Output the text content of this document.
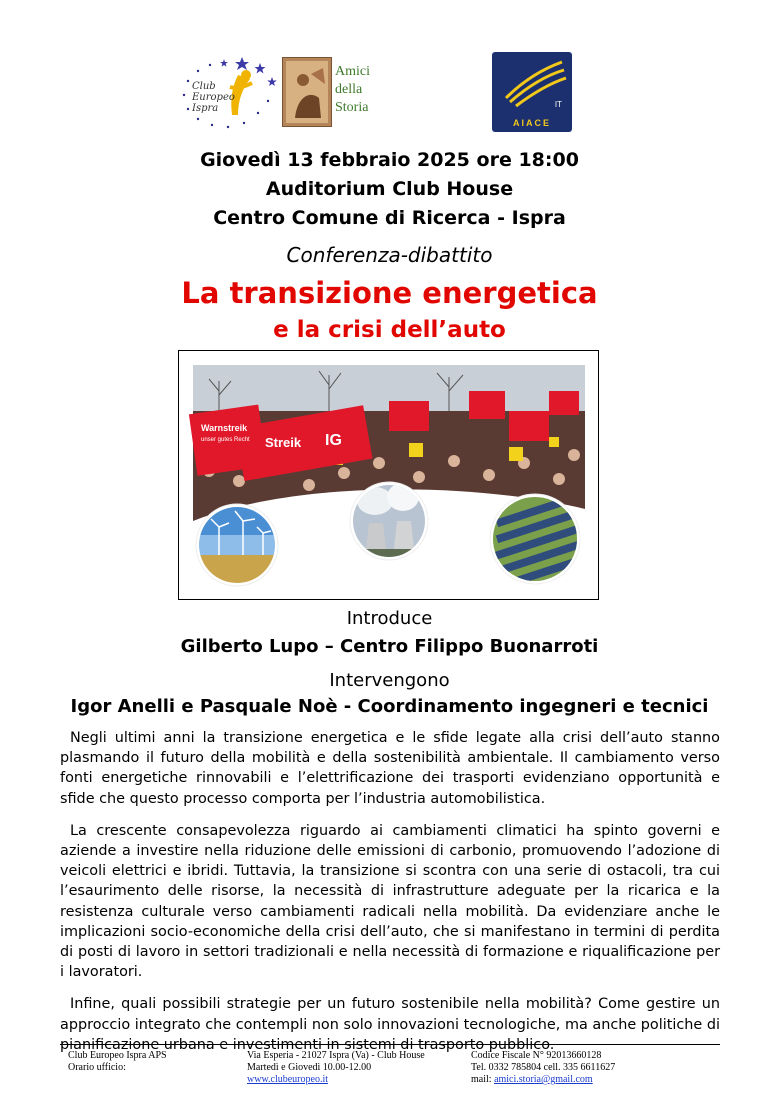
Club
Europeo
Ispra
Amici
della
Storia	IT
AIACE
Giovedì 13 febbraio 2025 ore 18:00
Auditorium Club House
Centro Comune di Ricerca - Ispra
Conferenza-dibattito
La transizione energetica
e la crisi dell’auto
Warnstreik
unser gutes Recht	IG
Streik
Introduce
Gilberto Lupo – Centro Filippo Buonarroti
Intervengono
Igor Anelli e Pasquale Noè - Coordinamento ingegneri e tecnici

Negli ultimi anni la transizione energetica e le sfide legate alla crisi dell’auto stanno plasmando il futuro della mobilità e della sostenibilità ambientale. Il cambiamento verso fonti energetiche rinnovabili e l’elettrificazione dei trasporti evidenziano opportunità e sfide che questo processo comporta per l’industria automobilistica.

La crescente consapevolezza riguardo ai cambiamenti climatici ha spinto governi e aziende a investire nella riduzione delle emissioni di carbonio, promuovendo l’adozione di veicoli elettrici e ibridi. Tuttavia, la transizione si scontra con una serie di ostacoli, tra cui l’esaurimento delle risorse, la necessità di infrastrutture adeguate per la ricarica e la resistenza culturale verso cambiamenti radicali nella mobilità. Da evidenziare anche le implicazioni socio-economiche della crisi dell’auto, che si manifestano in termini di perdita di posti di lavoro in settori tradizionali e nella necessità di formazione e riqualificazione per i lavoratori.

Infine, quali possibili strategie per un futuro sostenibile nella mobilità? Come gestire un approccio integrato che contempli non solo innovazioni tecnologiche, ma anche politiche di pianificazione urbana e investimenti in sistemi di trasporto pubblico.

Club Europeo Ispra APS
Orario ufficio:
Via Esperia - 21027 Ispra (Va) - Club House
Martedì e Giovedì 10.00-12.00
www.clubeuropeo.it
Codice Fiscale N° 92013660128
Tel. 0332 785804 cell. 335 6611627
mail: amici.storia@gmail.com
